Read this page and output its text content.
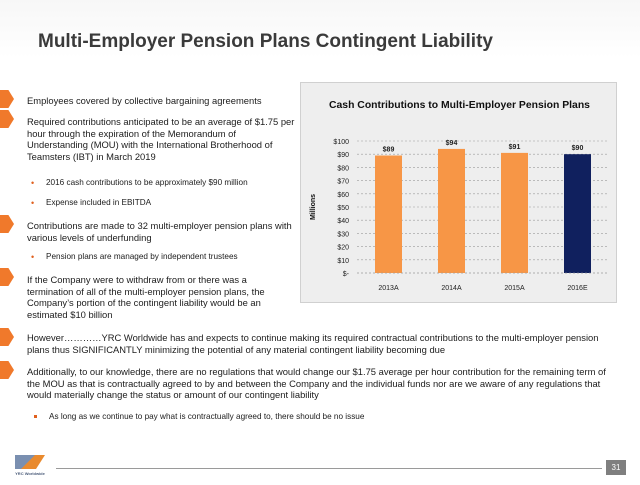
Multi-Employer Pension Plans Contingent Liability
Employees covered by collective bargaining agreements
Required contributions anticipated to be an average of $1.75 per hour through the expiration of the Memorandum of Understanding (MOU) with the International Brotherhood of Teamsters (IBT) in March 2019
• 2016 cash contributions to be approximately $90 million
• Expense included in EBITDA
Contributions are made to 32 multi-employer pension plans with various levels of underfunding
• Pension plans are managed by independent trustees
If the Company were to withdraw from or there was a termination of all of the multi-employer pension plans, the Company’s portion of the contingent liability would be an estimated $10 billion
Cash Contributions to Multi-Employer Pension Plans
$-
$10
$20
$30
$40
$50
$60
$70
$80
$90
$100
Millions
$89
2013A
$94
2014A
$91
2015A
$90
2016E
However…………YRC Worldwide has and expects to continue making its required contractual contributions to the multi-employer pension plans thus SIGNIFICANTLY minimizing the potential of any material contingent liability becoming due
Additionally, to our knowledge, there are no regulations that would change our $1.75 average per hour contribution for the remaining term of the MOU as that is contractually agreed to by and between the Company and the individual funds nor are we aware of any regulations that would materially change the status or amount of our contingent liability
As long as we continue to pay what is contractually agreed to, there should be no issue
YRC Worldwide
31
